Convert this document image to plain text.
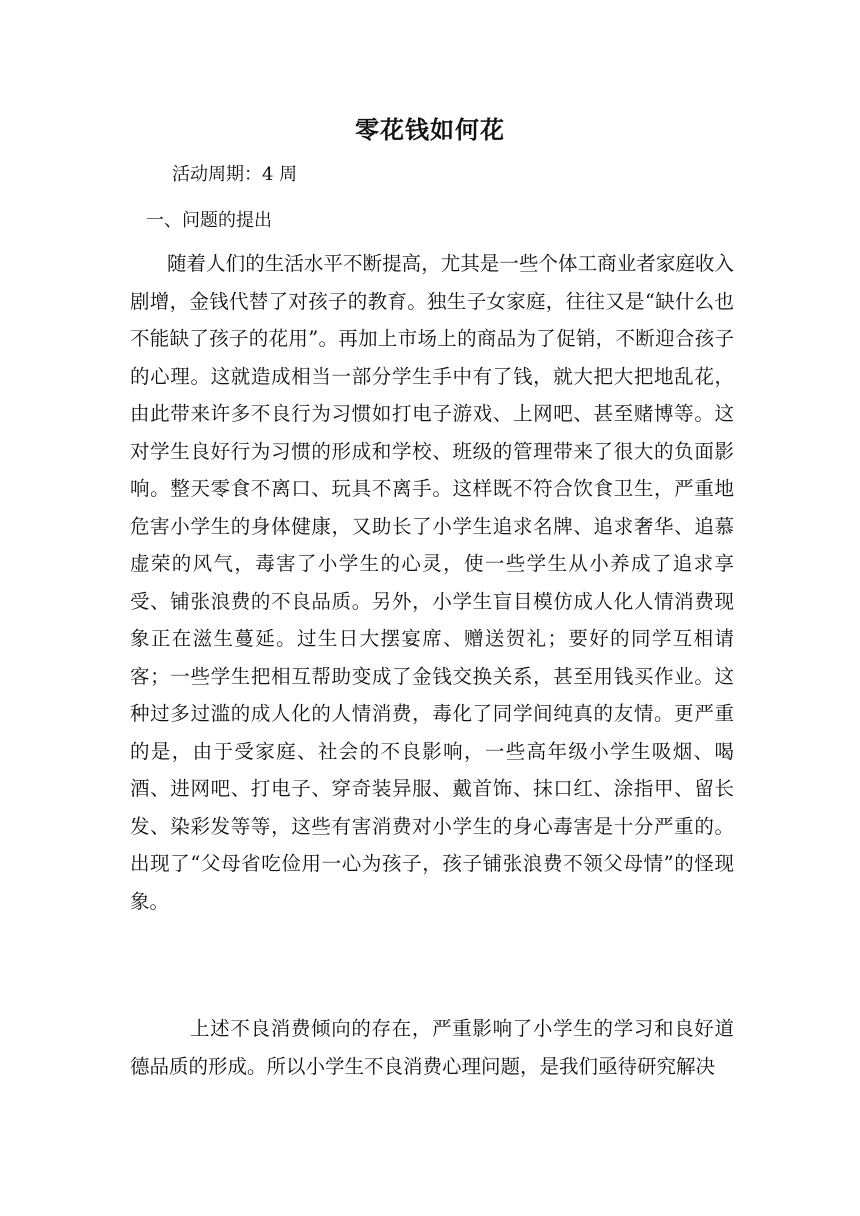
零花钱如何花

活动周期：4 周

一、问题的提出

随着人们的生活水平不断提高，尤其是一些个体工商业者家庭收入剧增，金钱代替了对孩子的教育。独生子女家庭，往往又是“缺什么也不能缺了孩子的花用”。再加上市场上的商品为了促销，不断迎合孩子的心理。这就造成相当一部分学生手中有了钱，就大把大把地乱花，由此带来许多不良行为习惯如打电子游戏、上网吧、甚至赌博等。这对学生良好行为习惯的形成和学校、班级的管理带来了很大的负面影响。整天零食不离口、玩具不离手。这样既不符合饮食卫生，严重地危害小学生的身体健康，又助长了小学生追求名牌、追求奢华、追慕虚荣的风气，毒害了小学生的心灵，使一些学生从小养成了追求享受、铺张浪费的不良品质。另外，小学生盲目模仿成人化人情消费现象正在滋生蔓延。过生日大摆宴席、赠送贺礼；要好的同学互相请客；一些学生把相互帮助变成了金钱交换关系，甚至用钱买作业。这种过多过滥的成人化的人情消费，毒化了同学间纯真的友情。更严重的是，由于受家庭、社会的不良影响，一些高年级小学生吸烟、喝酒、进网吧、打电子、穿奇装异服、戴首饰、抹口红、涂指甲、留长发、染彩发等等，这些有害消费对小学生的身心毒害是十分严重的。出现了“父母省吃俭用一心为孩子，孩子铺张浪费不领父母情”的怪现象。

上述不良消费倾向的存在，严重影响了小学生的学习和良好道德品质的形成。所以小学生不良消费心理问题，是我们亟待研究解决
